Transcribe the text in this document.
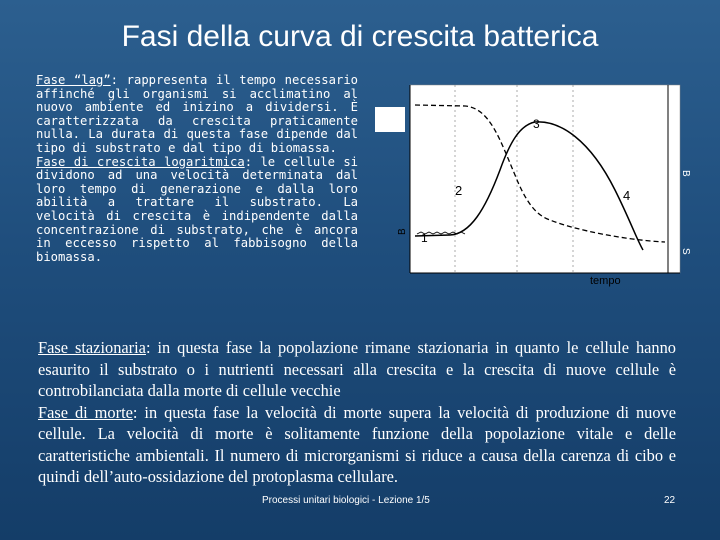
Fasi della curva di crescita batterica

Fase “lag”: rappresenta il tempo necessario affinché gli organismi si acclimatino al nuovo ambiente ed inizino a dividersi. È caratterizzata da crescita praticamente nulla. La durata di questa fase dipende dal tipo di substrato e dal tipo di biomassa.

Fase di crescita logaritmica: le cellule si dividono ad una velocità determinata dal loro tempo di generazione e dalla loro abilità a trattare il substrato. La velocità di crescita è indipendente dalla concentrazione di substrato, che è ancora in eccesso rispetto al fabbisogno della biomassa.

1
2
3
4
tempo
B
B
S

Fase stazionaria: in questa fase la popolazione rimane stazionaria in quanto le cellule hanno esaurito il substrato o i nutrienti necessari alla crescita e la crescita di nuove cellule è controbilanciata dalla morte di cellule vecchie

Fase di morte: in questa fase la velocità di morte supera la velocità di produzione di nuove cellule. La velocità di morte è solitamente funzione della popolazione vitale e delle caratteristiche ambientali. Il numero di microrganismi si riduce a causa della carenza di cibo e quindi dell’auto-ossidazione del protoplasma cellulare.

Processi unitari biologici - Lezione 1/5	22
